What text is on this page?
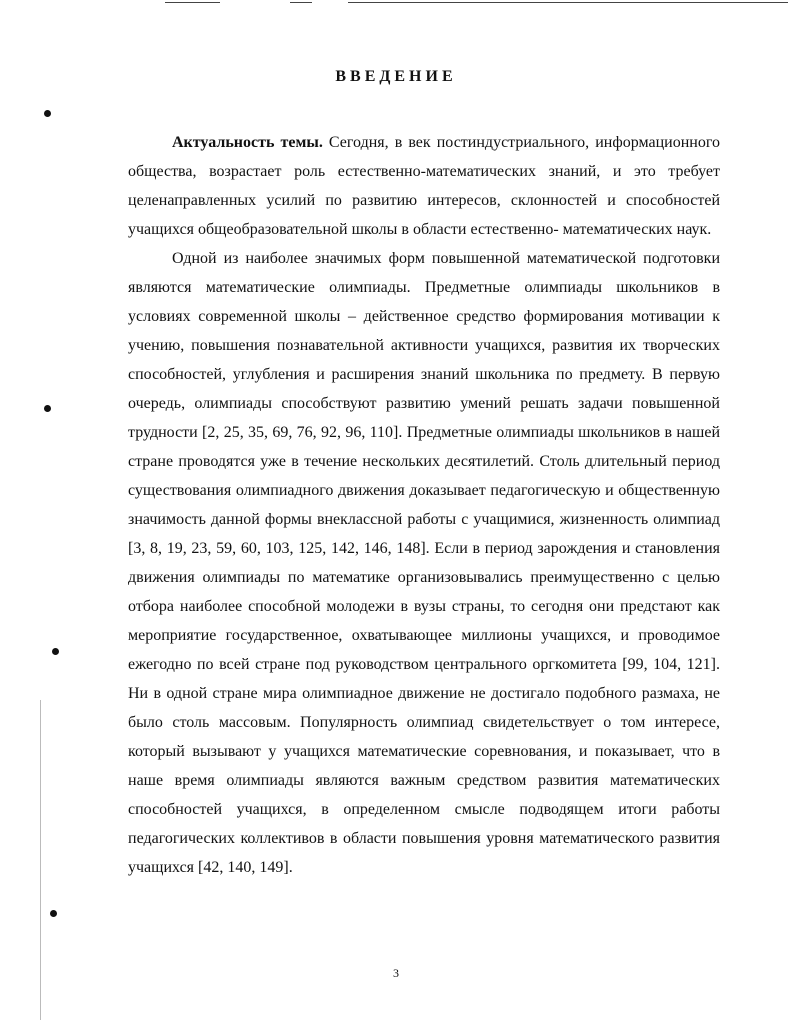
ВВЕДЕНИЕ

Актуальность темы. Сегодня, в век постиндустриального, информационного общества, возрастает роль естественно-математических знаний, и это требует целенаправленных усилий по развитию интересов, склонностей и способностей учащихся общеобразовательной школы в области естественно- математических наук.

Одной из наиболее значимых форм повышенной математической подготовки являются математические олимпиады. Предметные олимпиады школьников в условиях современной школы – действенное средство формирования мотивации к учению, повышения познавательной активности учащихся, развития их творческих способностей, углубления и расширения знаний школьника по предмету. В первую очередь, олимпиады способствуют развитию умений решать задачи повышенной трудности [2, 25, 35, 69, 76, 92, 96, 110]. Предметные олимпиады школьников в нашей стране проводятся уже в течение нескольких десятилетий. Столь длительный период существования олимпиадного движения доказывает педагогическую и общественную значимость данной формы внеклассной работы с учащимися, жизненность олимпиад [3, 8, 19, 23, 59, 60, 103, 125, 142, 146, 148]. Если в период зарождения и становления движения олимпиады по математике организовывались преимущественно с целью отбора наиболее способной молодежи в вузы страны, то сегодня они предстают как мероприятие государственное, охватывающее миллионы учащихся, и проводимое ежегодно по всей стране под руководством центрального оргкомитета [99, 104, 121]. Ни в одной стране мира олимпиадное движение не достигало подобного размаха, не было столь массовым. Популярность олимпиад свидетельствует о том интересе, который вызывают у учащихся математические соревнования, и показывает, что в наше время олимпиады являются важным средством развития математических способностей учащихся, в определенном смысле подводящем итоги работы педагогических коллективов в области повышения уровня математического развития учащихся [42, 140, 149].

3
